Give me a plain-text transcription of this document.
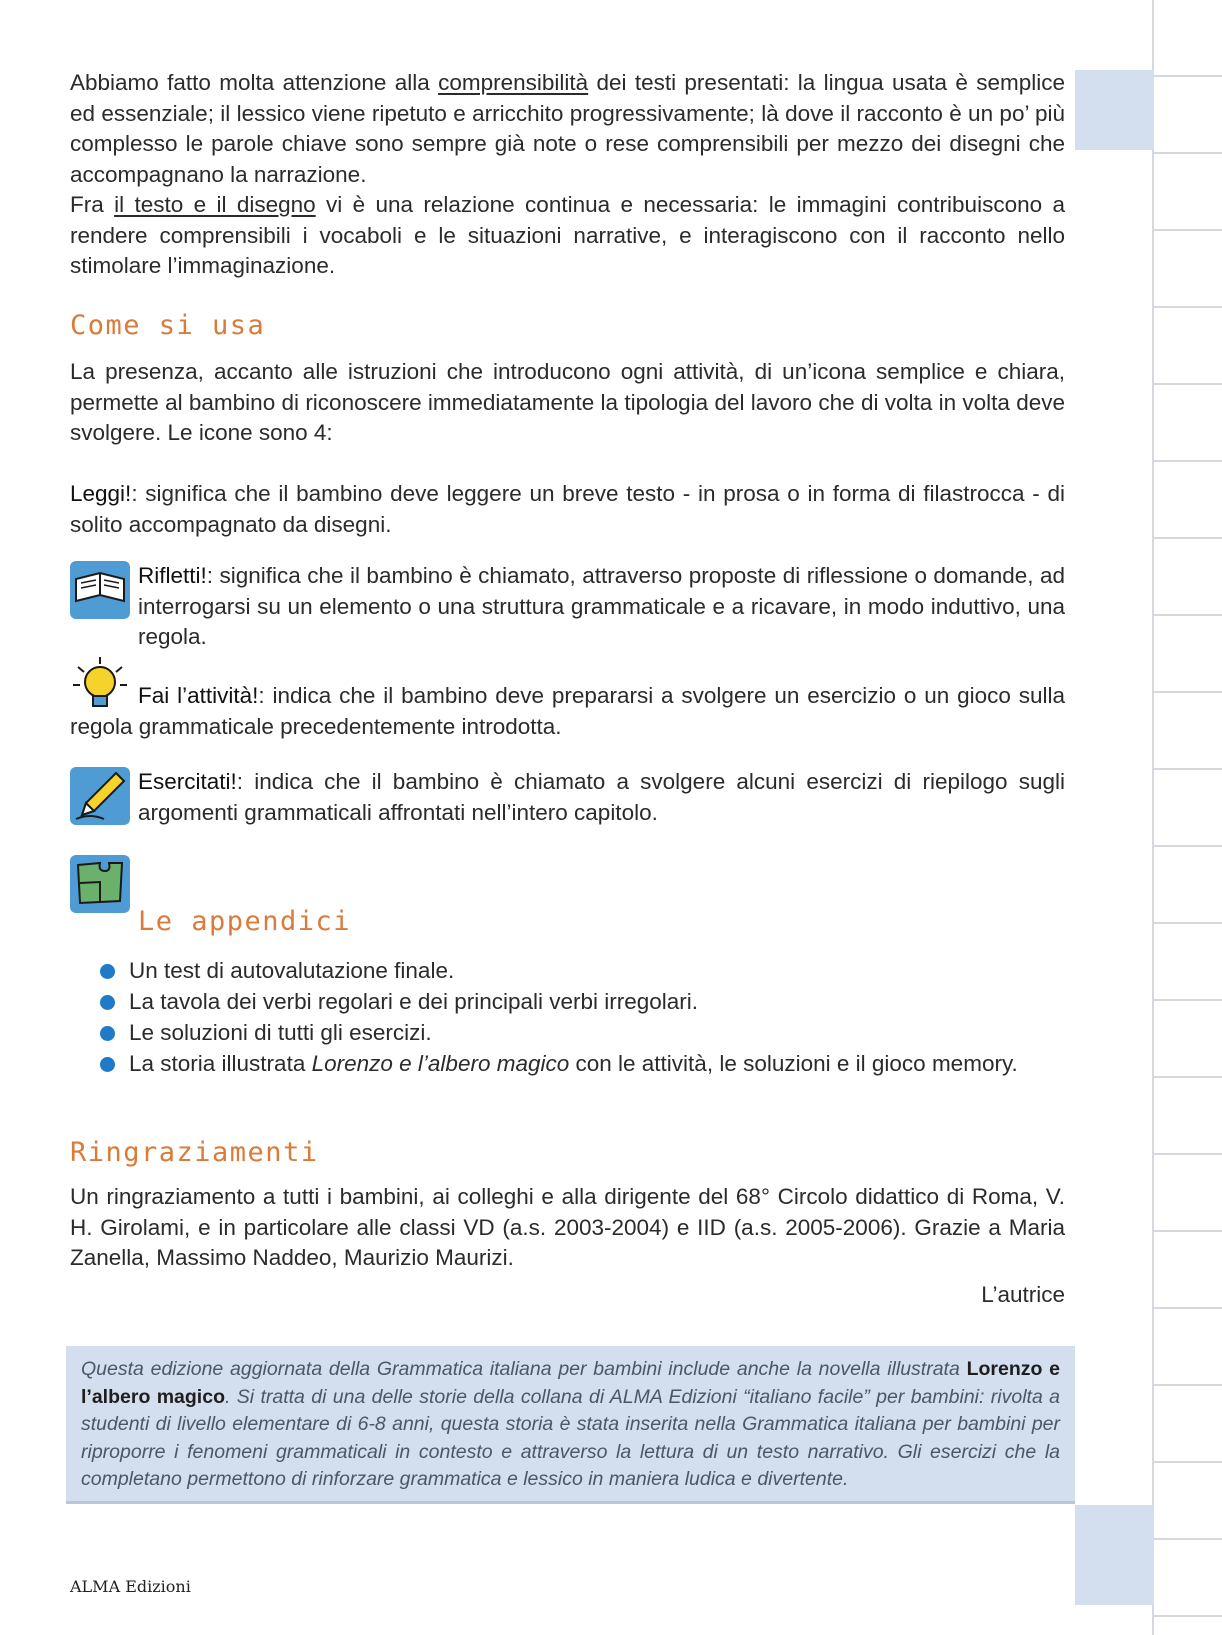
Abbiamo fatto molta attenzione alla comprensibilità dei testi presentati: la lingua usata è semplice ed essenziale; il lessico viene ripetuto e arricchito progressivamente; là dove il racconto è un po’ più complesso le parole chiave sono sempre già note o rese comprensibili per mezzo dei disegni che accompagnano la narrazione.

Fra il testo e il disegno vi è una relazione continua e necessaria: le immagini contribuiscono a rendere comprensibili i vocaboli e le situazioni narrative, e interagiscono con il racconto nello stimolare l’immaginazione.

Come si usa

La presenza, accanto alle istruzioni che introducono ogni attività, di un’icona semplice e chiara, permette al bambino di riconoscere immediatamente la tipologia del lavoro che di volta in volta deve svolgere. Le icone sono 4:

Leggi!: significa che il bambino deve leggere un breve testo - in prosa o in forma di filastrocca - di solito accompagnato da disegni.

Rifletti!: significa che il bambino è chiamato, attraverso proposte di riflessione o domande, ad interrogarsi su un elemento o una struttura grammaticale e a ricavare, in modo induttivo, una regola.

Fai l’attività!: indica che il bambino deve prepararsi a svolgere un esercizio o un gioco sulla regola grammaticale precedentemente introdotta.

Esercitati!: indica che il bambino è chiamato a svolgere alcuni esercizi di riepilogo sugli argomenti grammaticali affrontati nell’intero capitolo.

Le appendici
Un test di autovalutazione finale.
La tavola dei verbi regolari e dei principali verbi irregolari.
Le soluzioni di tutti gli esercizi.
La storia illustrata Lorenzo e l’albero magico con le attività, le soluzioni e il gioco memory.
Ringraziamenti

Un ringraziamento a tutti i bambini, ai colleghi e alla dirigente del 68° Circolo didattico di Roma, V. H. Girolami, e in particolare alle classi VD (a.s. 2003-2004) e IID (a.s. 2005-2006). Grazie a Maria Zanella, Massimo Naddeo, Maurizio Maurizi.

L’autrice

Questa edizione aggiornata della Grammatica italiana per bambini include anche la novella illustrata Lorenzo e l’albero magico. Si tratta di una delle storie della collana di ALMA Edizioni “italiano facile” per bambini: rivolta a studenti di livello elementare di 6-8 anni, questa storia è stata inserita nella Grammatica italiana per bambini per riproporre i fenomeni grammaticali in contesto e attraverso la lettura di un testo narrativo. Gli esercizi che la completano permettono di rinforzare grammatica e lessico in maniera ludica e divertente.

ALMA Edizioni
